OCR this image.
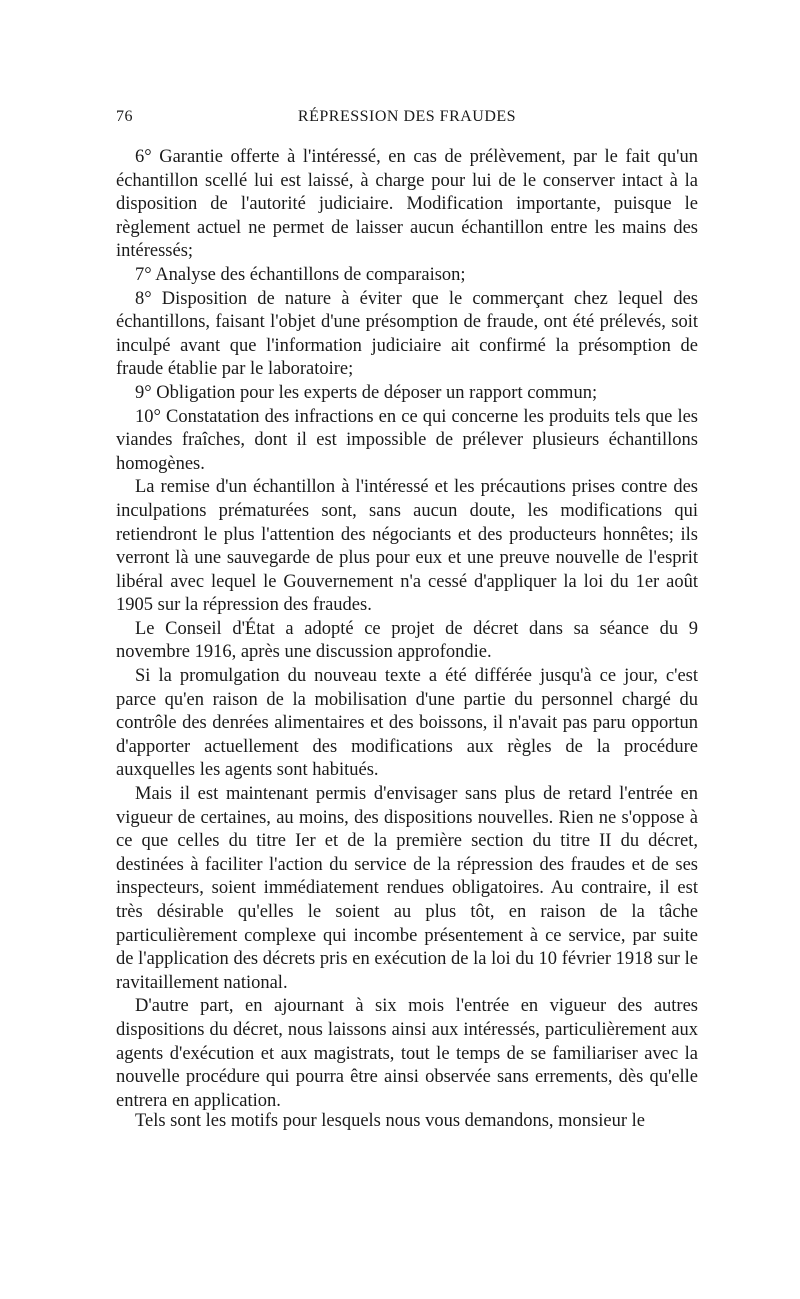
76	RÉPRESSION DES FRAUDES

6° Garantie offerte à l'intéressé, en cas de prélèvement, par le fait qu'un échantillon scellé lui est laissé, à charge pour lui de le conserver intact à la disposition de l'autorité judiciaire. Modification importante, puisque le règlement actuel ne permet de laisser aucun échantillon entre les mains des intéressés;

7° Analyse des échantillons de comparaison;

8° Disposition de nature à éviter que le commerçant chez lequel des échantillons, faisant l'objet d'une présomption de fraude, ont été prélevés, soit inculpé avant que l'information judiciaire ait confirmé la présomption de fraude établie par le laboratoire;

9° Obligation pour les experts de déposer un rapport commun;

10° Constatation des infractions en ce qui concerne les produits tels que les viandes fraîches, dont il est impossible de prélever plusieurs échantillons homogènes.

La remise d'un échantillon à l'intéressé et les précautions prises contre des inculpations prématurées sont, sans aucun doute, les modifications qui retiendront le plus l'attention des négociants et des producteurs honnêtes; ils verront là une sauvegarde de plus pour eux et une preuve nouvelle de l'esprit libéral avec lequel le Gouvernement n'a cessé d'appliquer la loi du 1er août 1905 sur la répression des fraudes.

Le Conseil d'État a adopté ce projet de décret dans sa séance du 9 novembre 1916, après une discussion approfondie.

Si la promulgation du nouveau texte a été différée jusqu'à ce jour, c'est parce qu'en raison de la mobilisation d'une partie du personnel chargé du contrôle des denrées alimentaires et des boissons, il n'avait pas paru opportun d'apporter actuellement des modifications aux règles de la procédure auxquelles les agents sont habitués.

Mais il est maintenant permis d'envisager sans plus de retard l'entrée en vigueur de certaines, au moins, des dispositions nouvelles. Rien ne s'oppose à ce que celles du titre Ier et de la première section du titre II du décret, destinées à faciliter l'action du service de la répression des fraudes et de ses inspecteurs, soient immédiatement rendues obligatoires. Au contraire, il est très désirable qu'elles le soient au plus tôt, en raison de la tâche particulièrement complexe qui incombe présentement à ce service, par suite de l'application des décrets pris en exécution de la loi du 10 février 1918 sur le ravitaillement national.

D'autre part, en ajournant à six mois l'entrée en vigueur des autres dispositions du décret, nous laissons ainsi aux intéressés, particulièrement aux agents d'exécution et aux magistrats, tout le temps de se familiariser avec la nouvelle procédure qui pourra être ainsi observée sans errements, dès qu'elle entrera en application.

Tels sont les motifs pour lesquels nous vous demandons, monsieur le
